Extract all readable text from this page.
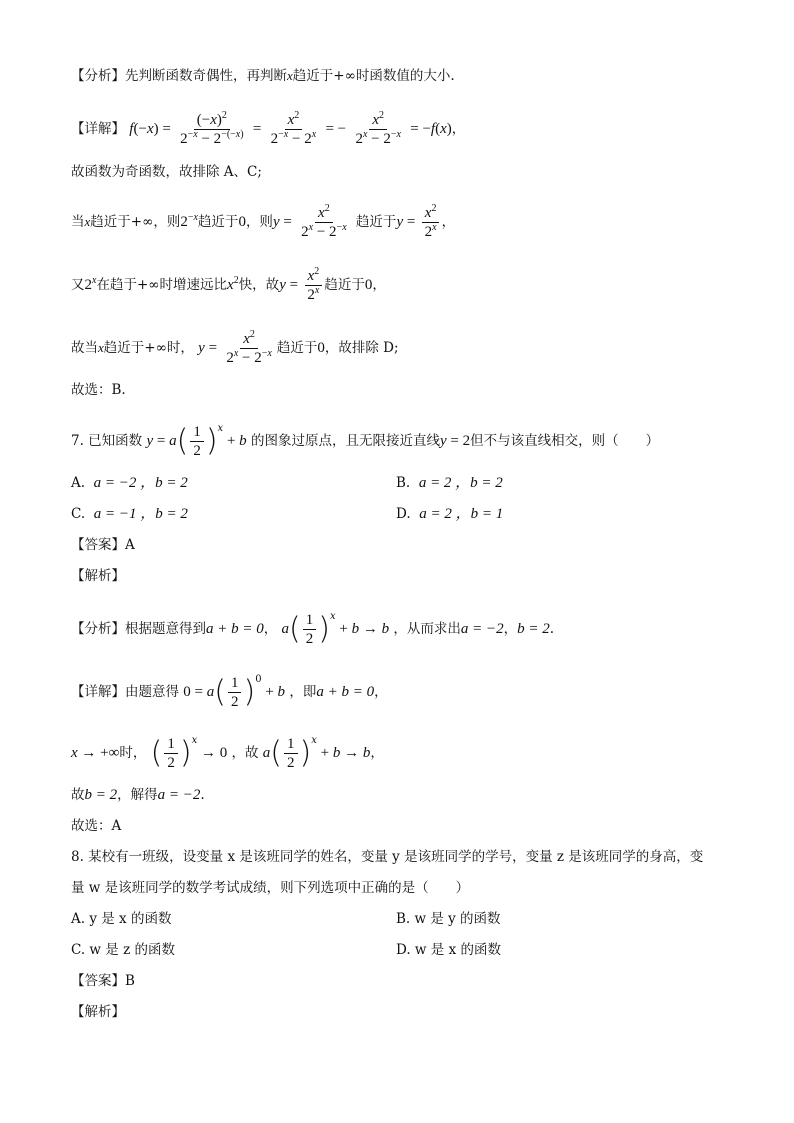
【分析】先判断函数奇偶性，再判断x趋近于+∞时函数值的大小.
【详解】 $f(-x) = \frac{(-x)^2}{2^{-x} - 2^{-(-x)}} = \frac{x^2}{2^{-x} - 2^x}$ = − $\frac{x^2}{2^x - 2^{-x}} = -f(x)$，
故函数为奇函数，故排除 A、C;
当x趋近于+∞，则$2^{-x}$趋近于0，则$y = \frac{x^2}{2^x - 2^{-x}}$ 趋近于$y = \frac{x^2}{2^x}$ ，
又2$^x$在趋于+∞时增速远比$x^2$快，故$y = \frac{x^2}{2^x}$ 趋近于0，
故当x趋近于+∞时， $y = \frac{x^2}{2^x - 2^{-x}}$ 趋近于0，故排除 D;
故选：B.
7. 已知函数 $y = a( \frac{1}{2} )^x + b$ 的图象过原点，且无限接近直线y = 2但不与该直线相交，则（　　）
A. a = −2 ，b = 2	B. a = 2 ，b = 2
C. a = −1 ，b = 2	D. a = 2 ，b = 1
【答案】A
【解析】
【分析】根据题意得到a + b = 0， $a( \frac{1}{2} )^x + b \to b$ ，从而求出a = −2，b = 2.
【详解】由题意得 $0 = a( \frac{1}{2} )^0 + b$ ，即a + b = 0，
x → +∞时， ( $\frac{1}{2} )^x \to 0$ ，故 $a( \frac{1}{2} )^x + b \to b$，
故b = 2，解得a = −2.
故选：A
8. 某校有一班级，设变量 x 是该班同学的姓名，变量 y 是该班同学的学号，变量 z 是该班同学的身高，变
量 w 是该班同学的数学考试成绩，则下列选项中正确的是（　　）
A. y 是 x 的函数	B. w 是 y 的函数
C. w 是 z 的函数	D. w 是 x 的函数
【答案】B
【解析】
